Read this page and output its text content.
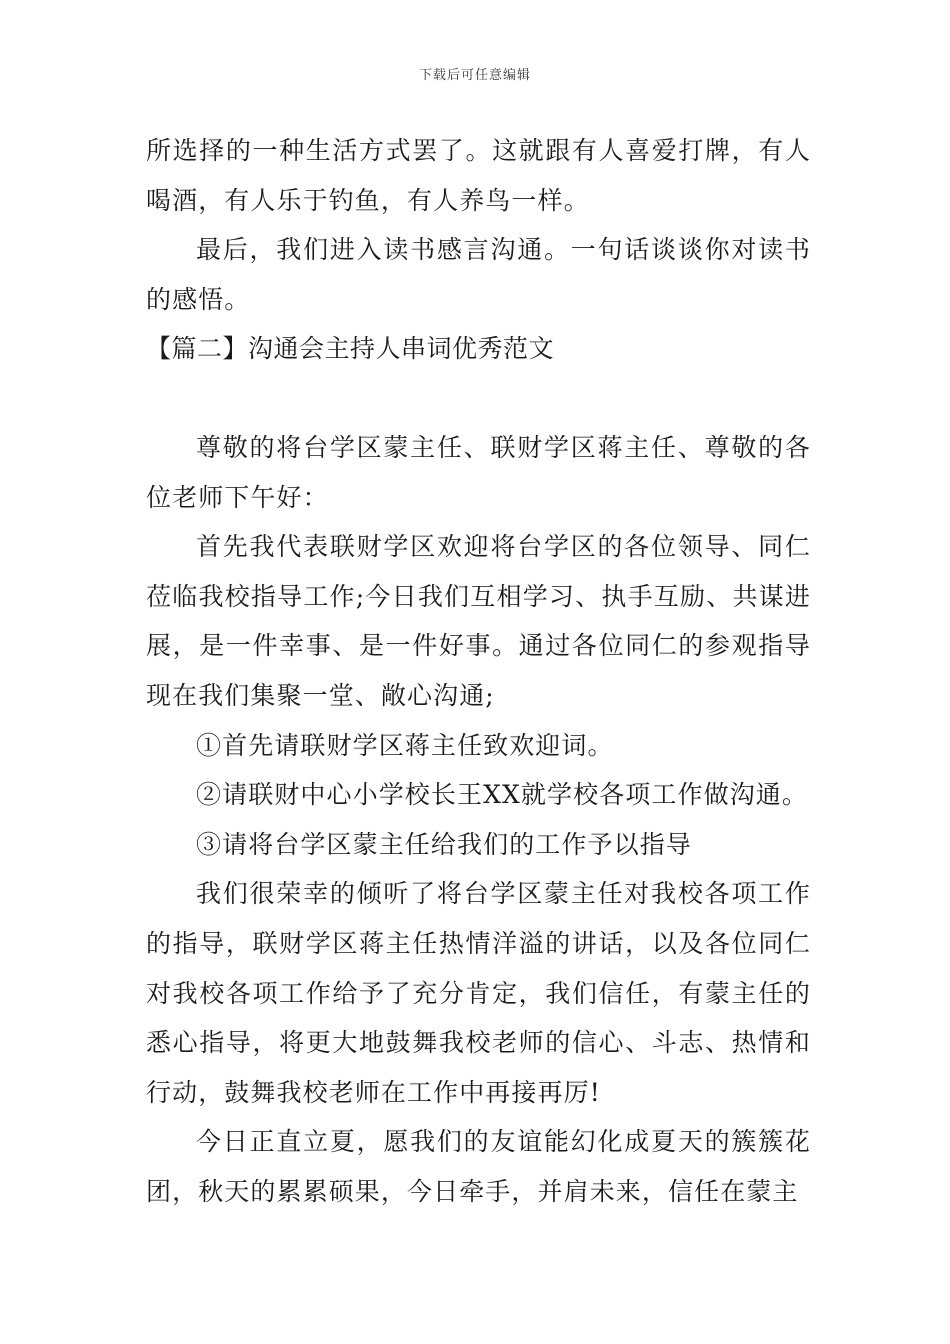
下载后可任意编辑

所选择的一种生活方式罢了。这就跟有人喜爱打牌，有人喝酒，有人乐于钓鱼，有人养鸟一样。

最后，我们进入读书感言沟通。一句话谈谈你对读书的感悟。

【篇二】沟通会主持人串词优秀范文

尊敬的将台学区蒙主任、联财学区蒋主任、尊敬的各位老师下午好：

首先我代表联财学区欢迎将台学区的各位领导、同仁莅临我校指导工作;今日我们互相学习、执手互励、共谋进展，是一件幸事、是一件好事。通过各位同仁的参观指导现在我们集聚一堂、敞心沟通;

①首先请联财学区蒋主任致欢迎词。

②请联财中心小学校长王XX就学校各项工作做沟通。

③请将台学区蒙主任给我们的工作予以指导

我们很荣幸的倾听了将台学区蒙主任对我校各项工作的指导，联财学区蒋主任热情洋溢的讲话，以及各位同仁对我校各项工作给予了充分肯定，我们信任，有蒙主任的悉心指导，将更大地鼓舞我校老师的信心、斗志、热情和行动，鼓舞我校老师在工作中再接再厉!

今日正直立夏，愿我们的友谊能幻化成夏天的簇簇花团，秋天的累累硕果，今日牵手，并肩未来，信任在蒙主
